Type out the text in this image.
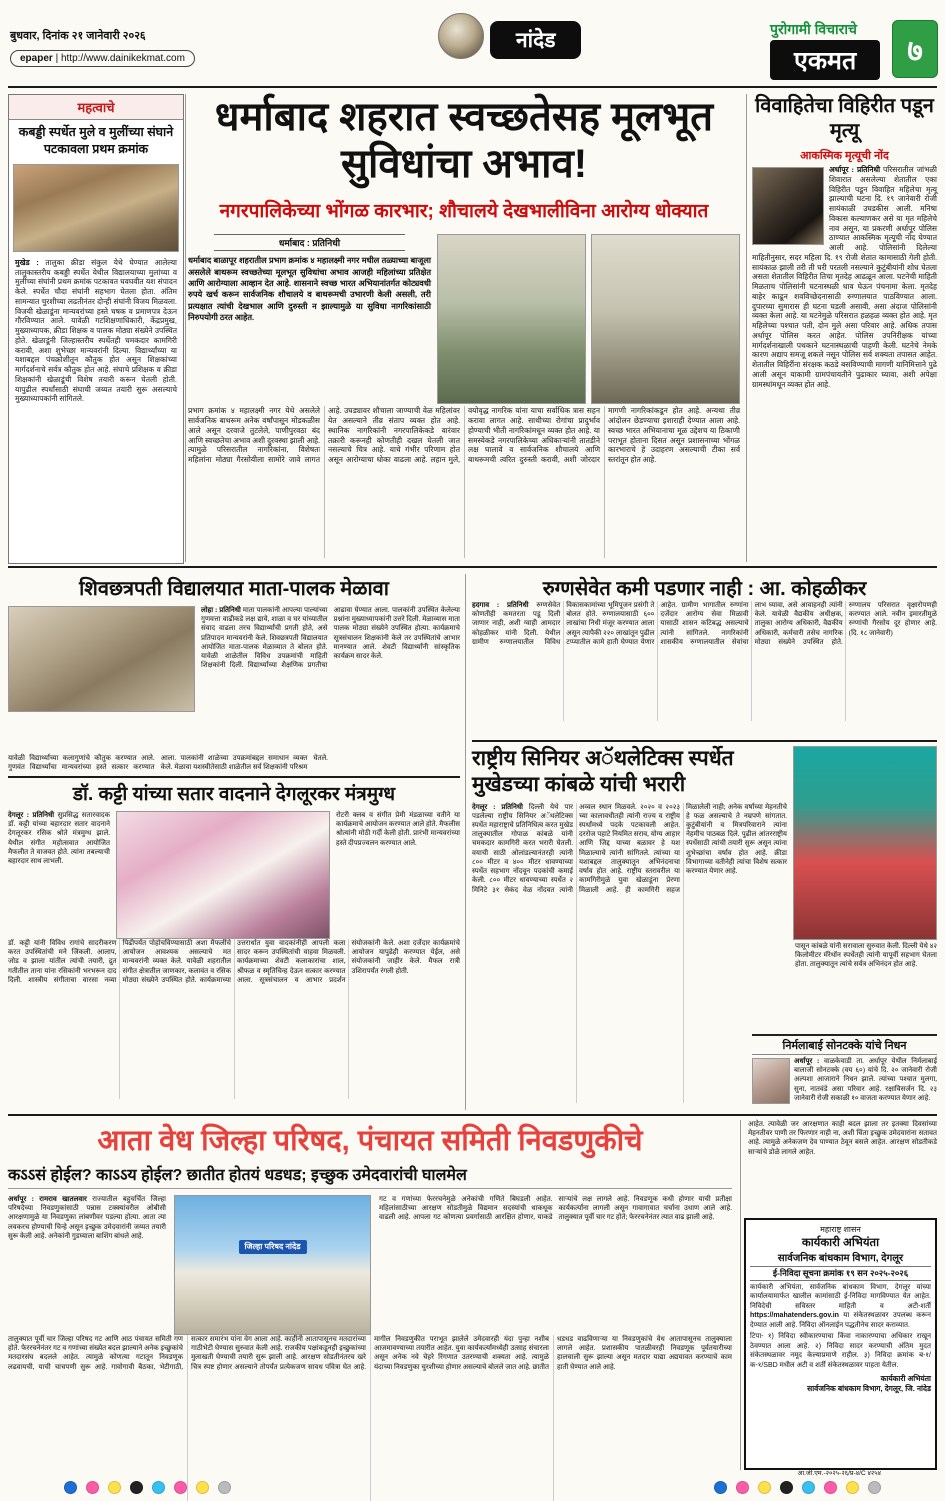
बुधवार, दिनांक २१ जानेवारी २०२६
epaper | http://www.dainikekmat.com
नांदेड	पुरोगामी विचाराचे
एकमत	७
महत्वाचे
कबड्डी स्पर्धेत मुले व मुलींच्या संघाने पटकावला प्रथम क्रमांक

मुखेड : तालुका क्रीडा संकुल येथे घेण्यात आलेल्या तालुकास्तरीय कबड्डी स्पर्धेत येथील विद्यालयाच्या मुलांच्या व मुलींच्या संघांनी प्रथम क्रमांक पटकावत घवघवीत यश संपादन केले. स्पर्धेत चौदा संघांनी सहभाग घेतला होता. अंतिम सामन्यात चुरशीच्या लढतीनंतर दोन्ही संघांनी विजय मिळवला. विजयी खेळाडूंना मान्यवरांच्या हस्ते चषक व प्रमाणपत्र देऊन गौरविण्यात आले. यावेळी गटशिक्षणाधिकारी, केंद्रप्रमुख, मुख्याध्यापक, क्रीडा शिक्षक व पालक मोठ्या संख्येने उपस्थित होते. खेळाडूंनी जिल्हास्तरीय स्पर्धेतही चमकदार कामगिरी करावी, अशा शुभेच्छा मान्यवरांनी दिल्या. विद्यार्थ्यांच्या या यशाबद्दल पंचक्रोशीतून कौतुक होत असून शिक्षकांच्या मार्गदर्शनाचे सर्वत्र कौतुक होत आहे. संघाचे प्रशिक्षक व क्रीडा शिक्षकांनी खेळाडूंची विशेष तयारी करून घेतली होती. यापुढील स्पर्धांसाठी संघाची जय्यत तयारी सुरू असल्याचे मुख्याध्यापकांनी सांगितले.

धर्माबाद शहरात स्वच्छतेसह मूलभूत सुविधांचा अभाव!
नगरपालिकेच्या भोंगळ कारभार; शौचालये देखभालीविना आरोग्य धोक्यात
धर्माबाद : प्रतिनिधी

धर्माबाद बाळापूर शहरातील प्रभाग क्रमांक ४ महालक्ष्मी नगर मधील तळ्याच्या बाजूला असलेले बाथरूम स्वच्छतेच्या मूलभूत सुविधांचा अभाव आजही महिलांच्या प्रतिक्षेत आणि आरोग्याला आव्हान देत आहे. शासनाने स्वच्छ भारत अभियानांतर्गत कोट्यवधी रुपये खर्च करून सार्वजनिक शौचालये व बाथरूमची उभारणी केली असली, तरी प्रत्यक्षात त्यांची देखभाल आणि दुरुस्ती न झाल्यामुळे या सुविधा नागरिकांसाठी निरुपयोगी ठरत आहेत.

प्रभाग क्रमांक ४ महालक्ष्मी नगर येथे असलेले सार्वजनिक बाथरूम अनेक वर्षांपासून मोडकळीस आले असून दरवाजे तुटलेले, पाणीपुरवठा बंद आणि स्वच्छतेचा अभाव अशी दुरवस्था झाली आहे. त्यामुळे परिसरातील नागरिकांना, विशेषतः महिलांना मोठ्या गैरसोयीला सामोरे जावे लागत आहे. उघड्यावर शौचाला जाण्याची वेळ महिलांवर येत असल्याने तीव्र संताप व्यक्त होत आहे. स्थानिक नागरिकांनी नगरपालिकेकडे वारंवार तक्रारी करूनही कोणतीही दखल घेतली जात नसल्याचे चित्र आहे. याचे गंभीर परिणाम होत असून आरोग्याचा धोका वाढला आहे. लहान मुले, वयोवृद्ध नागरिक यांना याचा सर्वाधिक त्रास सहन करावा लागत आहे. साथीच्या रोगांचा प्रादुर्भाव होण्याची भीती नागरिकांमधून व्यक्त होत आहे. या समस्येकडे नगरपालिकेच्या अधिकाऱ्यांनी तातडीने लक्ष घालावे व सार्वजनिक शौचालये आणि बाथरूमची त्वरित दुरुस्ती करावी, अशी जोरदार मागणी नागरिकांकडून होत आहे. अन्यथा तीव्र आंदोलन छेडण्याचा इशाराही देण्यात आला आहे. स्वच्छ भारत अभियानाचा मूळ उद्देशच या ठिकाणी पराभूत होताना दिसत असून प्रशासनाच्या भोंगळ कारभाराचे हे उदाहरण असल्याची टीका सर्व स्तरांतून होत आहे.

विवाहितेचा विहिरीत पडून मृत्यू
आकस्मिक मृत्यूची नोंद

अर्धापूर : प्रतिनिधी परिसरातील जांभळी शिवारात असलेल्या शेतातील एका विहिरीत पडून विवाहित महिलेचा मृत्यू झाल्याची घटना दि. १९ जानेवारी रोजी सायंकाळी उघडकीस आली. मनिषा विकास कल्याणकर असे या मृत महिलेचे नाव असून, या प्रकरणी अर्धापूर पोलिस ठाण्यात आकस्मिक मृत्यूची नोंद घेण्यात आली आहे. पोलिसांनी दिलेल्या माहितीनुसार, सदर महिला दि. १९ रोजी शेतात कामासाठी गेली होती. सायंकाळ झाली तरी ती घरी परतली नसल्याने कुटुंबीयांनी शोध घेतला असता शेतातील विहिरीत तिचा मृतदेह आढळून आला. घटनेची माहिती मिळताच पोलिसांनी घटनास्थळी धाव घेऊन पंचनामा केला. मृतदेह बाहेर काढून शवविच्छेदनासाठी रुग्णालयात पाठविण्यात आला. दुपारच्या सुमारास ही घटना घडली असावी, असा अंदाज पोलिसांनी व्यक्त केला आहे. या घटनेमुळे परिसरात हळहळ व्यक्त होत आहे. मृत महिलेच्या पश्चात पती, दोन मुले असा परिवार आहे. अधिक तपास अर्धापूर पोलिस करत आहेत. पोलिस उपनिरीक्षक यांच्या मार्गदर्शनाखाली पथकाने घटनास्थळाची पाहणी केली. घटनेचे नेमके कारण अद्याप समजू शकले नसून पोलिस सर्व शक्यता तपासत आहेत. शेतातील विहिरींना संरक्षक कठडे बसविण्याची मागणी यानिमित्ताने पुढे आली असून याकामी ग्रामपंचायतीने पुढाकार घ्यावा, अशी अपेक्षा ग्रामस्थांमधून व्यक्त होत आहे.

शिवछत्रपती विद्यालयात माता-पालक मेळावा

लोहा : प्रतिनिधी माता पालकांनी आपल्या पाल्यांच्या गुणवत्ता वाढीकडे लक्ष द्यावे, शाळा व घर यांच्यातील संवाद वाढला तरच विद्यार्थ्यांची प्रगती होते, असे प्रतिपादन मान्यवरांनी केले. शिवछत्रपती विद्यालयात आयोजित माता-पालक मेळाव्यात ते बोलत होते. यावेळी शाळेतील विविध उपक्रमांची माहिती शिक्षकांनी दिली. विद्यार्थ्यांच्या शैक्षणिक प्रगतीचा आढावा घेण्यात आला. पालकांनी उपस्थित केलेल्या प्रश्नांना मुख्याध्यापकांनी उत्तरे दिली. मेळाव्यास माता पालक मोठ्या संख्येने उपस्थित होत्या. कार्यक्रमाचे सूत्रसंचालन शिक्षकांनी केले तर उपस्थितांचे आभार मानण्यात आले. शेवटी विद्यार्थ्यांनी सांस्कृतिक कार्यक्रम सादर केले.

यावेळी विद्यार्थ्यांच्या कलागुणांचे कौतुक करण्यात आले. गुणवंत विद्यार्थ्यांचा मान्यवरांच्या हस्ते सत्कार करण्यात आला. पालकांनी शाळेच्या उपक्रमांबद्दल समाधान व्यक्त केले. मेळावा यशस्वीतेसाठी शाळेतील सर्व शिक्षकांनी परिश्रम घेतले.

रुग्णसेवेत कमी पडणार नाही : आ. कोहळीकर

हदगाव : प्रतिनिधी रुग्णसेवेत कोणतीही कमतरता पडू दिली जाणार नाही, अशी ग्वाही आमदार कोहळीकर यांनी दिली. येथील ग्रामीण रुग्णालयातील विविध विकासकामांच्या भूमिपूजन प्रसंगी ते बोलत होते. रुग्णालयासाठी ६०० लाखांचा निधी मंजूर करण्यात आला असून त्यापैकी २२० लाखांतून पुढील टप्प्यातील कामे हाती घेण्यात येणार आहेत. ग्रामीण भागातील रुग्णांना दर्जेदार आरोग्य सेवा मिळावी यासाठी शासन कटिबद्ध असल्याचे त्यांनी सांगितले. नागरिकांनी शासकीय रुग्णालयातील सेवांचा लाभ घ्यावा, असे आवाहनही त्यांनी केले. यावेळी वैद्यकीय अधीक्षक, तालुका आरोग्य अधिकारी, वैद्यकीय अधिकारी, कर्मचारी तसेच नागरिक मोठ्या संख्येने उपस्थित होते. रुग्णालय परिसरात वृक्षारोपणही करण्यात आले. नवीन इमारतीमुळे रुग्णांची गैरसोय दूर होणार आहे. (दि. १८ जानेवारी)

राष्ट्रीय सिनियर अॅथलेटिक्स स्पर्धेत मुखेडच्या कांबळे यांची भरारी

देगलूर : प्रतिनिधी दिल्ली येथे पार पडलेल्या राष्ट्रीय सिनियर अॅथलेटिक्स स्पर्धेत महाराष्ट्राचे प्रतिनिधित्व करत मुखेड तालुक्यातील गोपाळ कांबळे यांनी चमकदार कामगिरी करत भरारी घेतली. वयाची साठी ओलांडल्यानंतरही त्यांनी ८०० मीटर व ४०० मीटर धावण्याच्या स्पर्धेत सहभाग नोंदवून पदकांची कमाई केली. ८०० मीटर धावण्याच्या स्पर्धेत २ मिनिटे ३१ सेकंद वेळ नोंदवत त्यांनी अव्वल स्थान मिळवले. २०२० व २०२३ च्या कालावधीतही त्यांनी राज्य व राष्ट्रीय स्पर्धांमध्ये पदके पटकावली आहेत. दररोज पहाटे नियमित सराव, योग्य आहार आणि जिद्द याच्या बळावर हे यश मिळाल्याचे त्यांनी सांगितले. त्यांच्या या यशाबद्दल तालुक्यातून अभिनंदनाचा वर्षाव होत आहे. राष्ट्रीय स्तरावरील या कामगिरीमुळे युवा खेळाडूंना प्रेरणा मिळाली आहे. ही कामगिरी सहज मिळालेली नाही; अनेक वर्षांच्या मेहनतीचे हे फळ असल्याचे ते नम्रपणे सांगतात. कुटुंबीयांनी व मित्रपरिवाराने त्यांना नेहमीच पाठबळ दिले. पुढील आंतरराष्ट्रीय स्पर्धेसाठी त्यांची तयारी सुरू असून त्यांना शुभेच्छांचा वर्षाव होत आहे. क्रीडा विभागाच्या वतीनेही त्यांचा विशेष सत्कार करण्यात येणार आहे.

पासून कांबळे यांनी सरावाला सुरुवात केली. दिल्ली येथे ४२ किलोमीटर मॅरेथॉन स्पर्धेतही त्यांनी यापूर्वी सहभाग घेतला होता. तालुक्यातून त्यांचे सर्वत्र अभिनंदन होत आहे.

निर्मलाबाई सोनटक्के यांचे निधन

अर्धापूर : वाळकेवाडी ता. अर्धापूर येथील निर्मलाबाई बालाजी सोनटक्के (वय ६०) यांचे दि. २० जानेवारी रोजी अल्पशा आजाराने निधन झाले. त्यांच्या पश्चात मुलगा, सुना, नातवंडे असा परिवार आहे. रक्षाविसर्जन दि. २३ जानेवारी रोजी सकाळी १० वाजता करण्यात येणार आहे.

डॉ. कट्टी यांच्या सतार वादनाने देगलूरकर मंत्रमुग्ध

देगलूर : प्रतिनिधी सुप्रसिद्ध सतारवादक डॉ. कट्टी यांच्या बहारदार सतार वादनाने देगलूरकर रसिक श्रोते मंत्रमुग्ध झाले. येथील संगीत महोत्सवात आयोजित मैफलीत ते वाजवत होते. त्यांना तबल्याची बहारदार साथ लाभली.

रोटरी क्लब व संगीत प्रेमी मंडळाच्या वतीने या कार्यक्रमाचे आयोजन करण्यात आले होते. मैफलीस श्रोत्यांनी मोठी गर्दी केली होती. प्रारंभी मान्यवरांच्या हस्ते दीपप्रज्वलन करण्यात आले.

डॉ. कट्टी यांनी विविध रागांचे सादरीकरण करत उपस्थितांची मने जिंकली. आलाप, जोड व झाला यांतील त्यांची तयारी, द्रुत गतीतील ताना यांना रसिकांनी भरभरून दाद दिली. शास्त्रीय संगीताचा वारसा नव्या पिढीपर्यंत पोहोचविण्यासाठी अशा मैफलींचे आयोजन आवश्यक असल्याचे मत मान्यवरांनी व्यक्त केले. यावेळी शहरातील संगीत क्षेत्रातील जाणकार, कलावंत व रसिक मोठ्या संख्येने उपस्थित होते. कार्यक्रमाच्या उत्तरार्धात युवा वादकांनीही आपली कला सादर करून उपस्थितांची वाहवा मिळवली. कार्यक्रमाच्या शेवटी कलाकारांचा शाल, श्रीफळ व स्मृतिचिन्ह देऊन सत्कार करण्यात आला. सूत्रसंचालन व आभार प्रदर्शन संयोजकांनी केले. अशा दर्जेदार कार्यक्रमांचे आयोजन यापुढेही करण्यात येईल, असे संयोजकांनी जाहीर केले. मैफल रात्री उशिरापर्यंत रंगली होती.

आता वेध जिल्हा परिषद, पंचायत समिती निवडणुकीचे
कऽऽसं होईल? काऽऽय होईल? छातीत होतयं धडधड; इच्छुक उमेदवारांची घालमेल

अर्धापूर : रामराव खातलवार राज्यातील बहुचर्चित जिल्हा परिषदेच्या निवडणुकांसाठी पन्नास टक्क्यांवरील ओबीसी आरक्षणामुळे या निवडणुका लांबणीवर पडल्या होत्या. आता त्या लवकरच होण्याची चिन्हे असून इच्छुक उमेदवारांनी जय्यत तयारी सुरू केली आहे. अनेकांनी गुडघ्याला बाशिंग बांधले आहे.

जिल्हा परिषद नांदेड

गट व गणांच्या फेररचनेमुळे अनेकांची गणिते बिघडली आहेत. महिलांसाठीच्या आरक्षण सोडतीमुळे विद्यमान सदस्यांची धाकधूक वाढली आहे. आपला गट कोणत्या प्रवर्गासाठी आरक्षित होणार, याकडे साऱ्यांचे लक्ष लागले आहे. निवडणूक कधी होणार याची प्रतीक्षा कार्यकर्त्यांना लागली असून गावागावात चर्चांना उधाण आले आहे. तालुक्यात पूर्वी चार गट होते; फेररचनेनंतर त्यात वाढ झाली आहे.

तालुक्यात पूर्वी चार जिल्हा परिषद गट आणि आठ पंचायत समिती गण होते. फेररचनेनंतर गट व गणांच्या संख्येत बदल झाल्याने अनेक इच्छुकांचे मतदारसंघ बदलले आहेत. त्यामुळे कोणत्या गटातून निवडणूक लढवायची, याची चाचपणी सुरू आहे. गावोगावी बैठका, भेटीगाठी, सत्कार समारंभ यांना वेग आला आहे. काहींनी आतापासूनच मतदारांच्या गाठीभेटी घेण्यास सुरुवात केली आहे. राजकीय पक्षांकडूनही इच्छुकांच्या मुलाखती घेण्याची तयारी सुरू झाली आहे. आरक्षण सोडतीनंतरच खरे चित्र स्पष्ट होणार असल्याने तोपर्यंत प्रत्येकजण सावध पवित्रा घेत आहे. मागील निवडणुकीत पराभूत झालेले उमेदवारही यंदा पुन्हा नशीब आजमावण्याच्या तयारीत आहेत. युवा कार्यकर्त्यांमध्येही उत्साह संचारला असून अनेक नवे चेहरे रिंगणात उतरण्याची शक्यता आहे. त्यामुळे यंदाच्या निवडणुका चुरशीच्या होणार असल्याचे बोलले जात आहे. छातीत धडधड वाढविणाऱ्या या निवडणुकांचे वेध आतापासूनच तालुक्याला लागले आहेत. प्रशासकीय पातळीवरही निवडणूक पूर्वतयारीच्या हालचाली सुरू झाल्या असून मतदार याद्या अद्ययावत करण्याचे काम हाती घेण्यात आले आहे.

आहेत. त्यावेळी जर आरक्षणात काही बदल झाला तर इतक्या दिवसांच्या मेहनतीवर पाणी तर फिरणार नाही ना, अशी चिंता इच्छुक उमेदवारांना सतावत आहे. त्यामुळे अनेकजण देव पाण्यात ठेवून बसले आहेत. आरक्षण सोडतीकडे साऱ्यांचे डोळे लागले आहेत.

महाराष्ट्र शासन
कार्यकारी अभियंता
सार्वजनिक बांधकाम विभाग, देगलूर
ई-निविदा सूचना क्रमांक १९ सन २०२५-२०२६

कार्यकारी अभियंता, सार्वजनिक बांधकाम विभाग, देगलूर यांच्या कार्यालयामार्फत खालील कामांसाठी ई-निविदा मागविण्यात येत आहेत. निविदेची सविस्तर माहिती व अटी-शर्ती https://mahatenders.gov.in या संकेतस्थळावर उपलब्ध करून देण्यात आली आहे. निविदा ऑनलाईन पद्धतीनेच सादर कराव्यात.

टिपा- १) निविदा स्वीकारण्याचा किंवा नाकारण्याचा अधिकार राखून ठेवण्यात आला आहे. २) निविदा सादर करण्याची अंतिम मुदत संकेतस्थळावर नमूद केल्याप्रमाणे राहील. ३) निविदा क्रमांक ब-१/क-१/SBD मधील अटी व शर्ती संकेतस्थळावर पाहता येतील.

कार्यकारी अभियंता
सार्वजनिक बांधकाम विभाग, देगलूर, जि. नांदेड
आ.जी.एम.-२०२५-२६/प्र-४/C ४२५४
